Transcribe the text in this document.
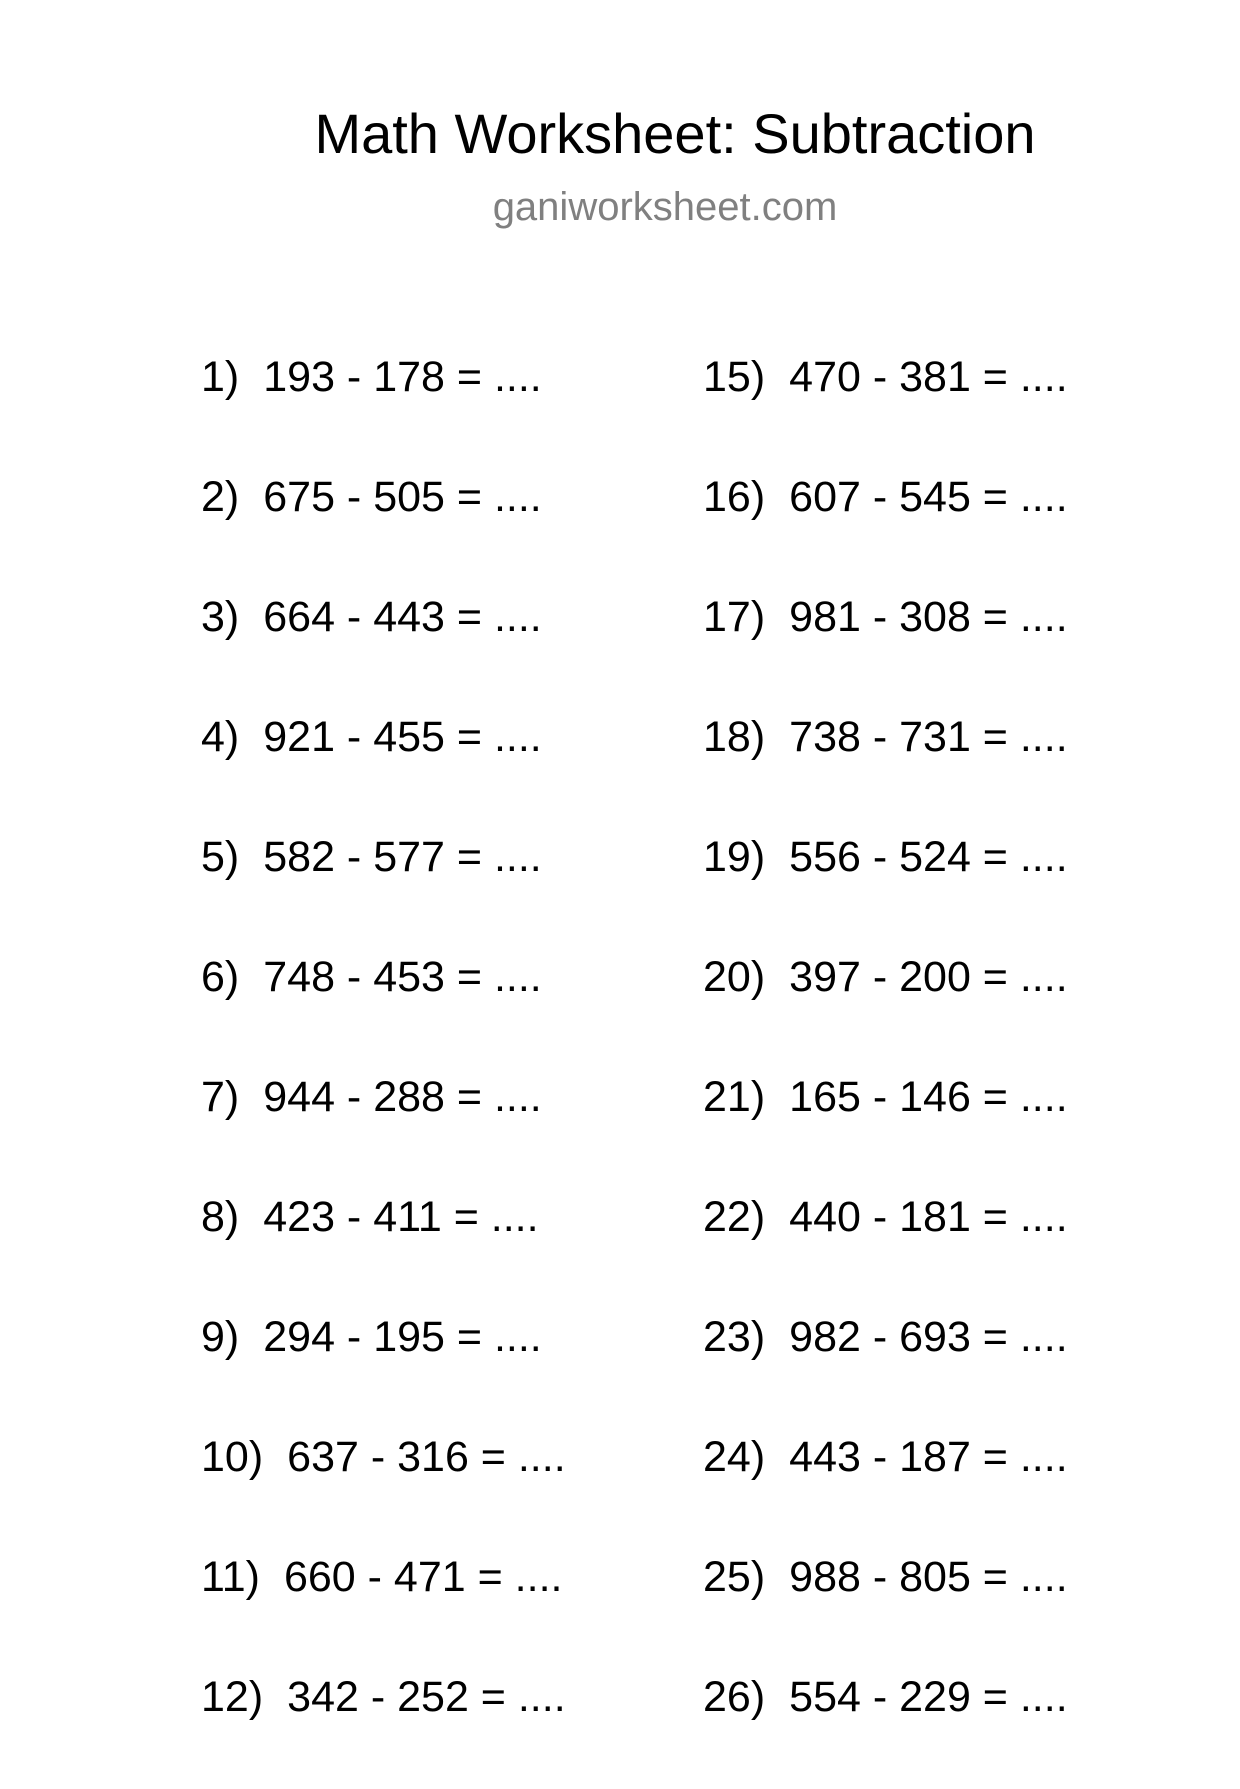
Math Worksheet: Subtraction
ganiworksheet.com
1) 193 - 178 = ....
2) 675 - 505 = ....
3) 664 - 443 = ....
4) 921 - 455 = ....
5) 582 - 577 = ....
6) 748 - 453 = ....
7) 944 - 288 = ....
8) 423 - 411 = ....
9) 294 - 195 = ....
10) 637 - 316 = ....
11) 660 - 471 = ....
12) 342 - 252 = ....
15) 470 - 381 = ....
16) 607 - 545 = ....
17) 981 - 308 = ....
18) 738 - 731 = ....
19) 556 - 524 = ....
20) 397 - 200 = ....
21) 165 - 146 = ....
22) 440 - 181 = ....
23) 982 - 693 = ....
24) 443 - 187 = ....
25) 988 - 805 = ....
26) 554 - 229 = ....
